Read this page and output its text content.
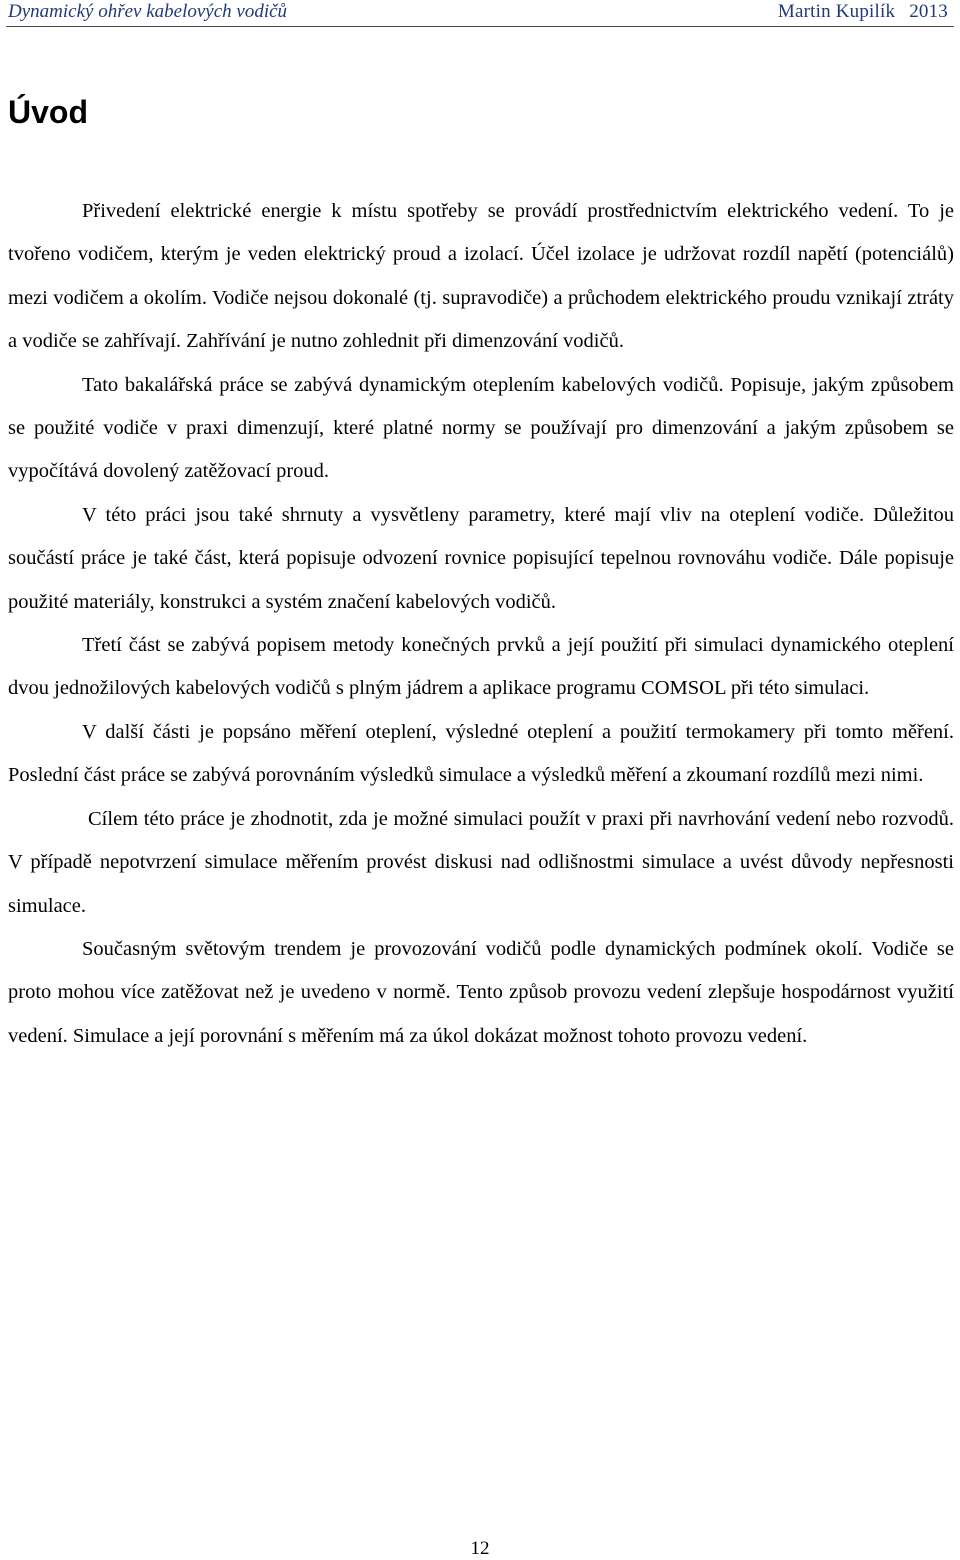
Dynamický ohřev kabelových vodičů	Martin Kupilík 2013
Úvod

Přivedení elektrické energie k místu spotřeby se provádí prostřednictvím elektrického vedení. To je tvořeno vodičem, kterým je veden elektrický proud a izolací. Účel izolace je udržovat rozdíl napětí (potenciálů) mezi vodičem a okolím. Vodiče nejsou dokonalé (tj. supravodiče) a průchodem elektrického proudu vznikají ztráty a vodiče se zahřívají. Zahřívání je nutno zohlednit při dimenzování vodičů.

Tato bakalářská práce se zabývá dynamickým oteplením kabelových vodičů. Popisuje, jakým způsobem se použité vodiče v praxi dimenzují, které platné normy se používají pro dimenzování a jakým způsobem se vypočítává dovolený zatěžovací proud.

V této práci jsou také shrnuty a vysvětleny parametry, které mají vliv na oteplení vodiče. Důležitou součástí práce je také část, která popisuje odvození rovnice popisující tepelnou rovnováhu vodiče. Dále popisuje použité materiály, konstrukci a systém značení kabelových vodičů.

Třetí část se zabývá popisem metody konečných prvků a její použití při simulaci dynamického oteplení dvou jednožilových kabelových vodičů s plným jádrem a aplikace programu COMSOL při této simulaci.

V další části je popsáno měření oteplení, výsledné oteplení a použití termokamery při tomto měření. Poslední část práce se zabývá porovnáním výsledků simulace a výsledků měření a zkoumaní rozdílů mezi nimi.

Cílem této práce je zhodnotit, zda je možné simulaci použít v praxi při navrhování vedení nebo rozvodů. V případě nepotvrzení simulace měřením provést diskusi nad odlišnostmi simulace a uvést důvody nepřesnosti simulace.

Současným světovým trendem je provozování vodičů podle dynamických podmínek okolí. Vodiče se proto mohou více zatěžovat než je uvedeno v normě. Tento způsob provozu vedení zlepšuje hospodárnost využití vedení. Simulace a její porovnání s měřením má za úkol dokázat možnost tohoto provozu vedení.

12
